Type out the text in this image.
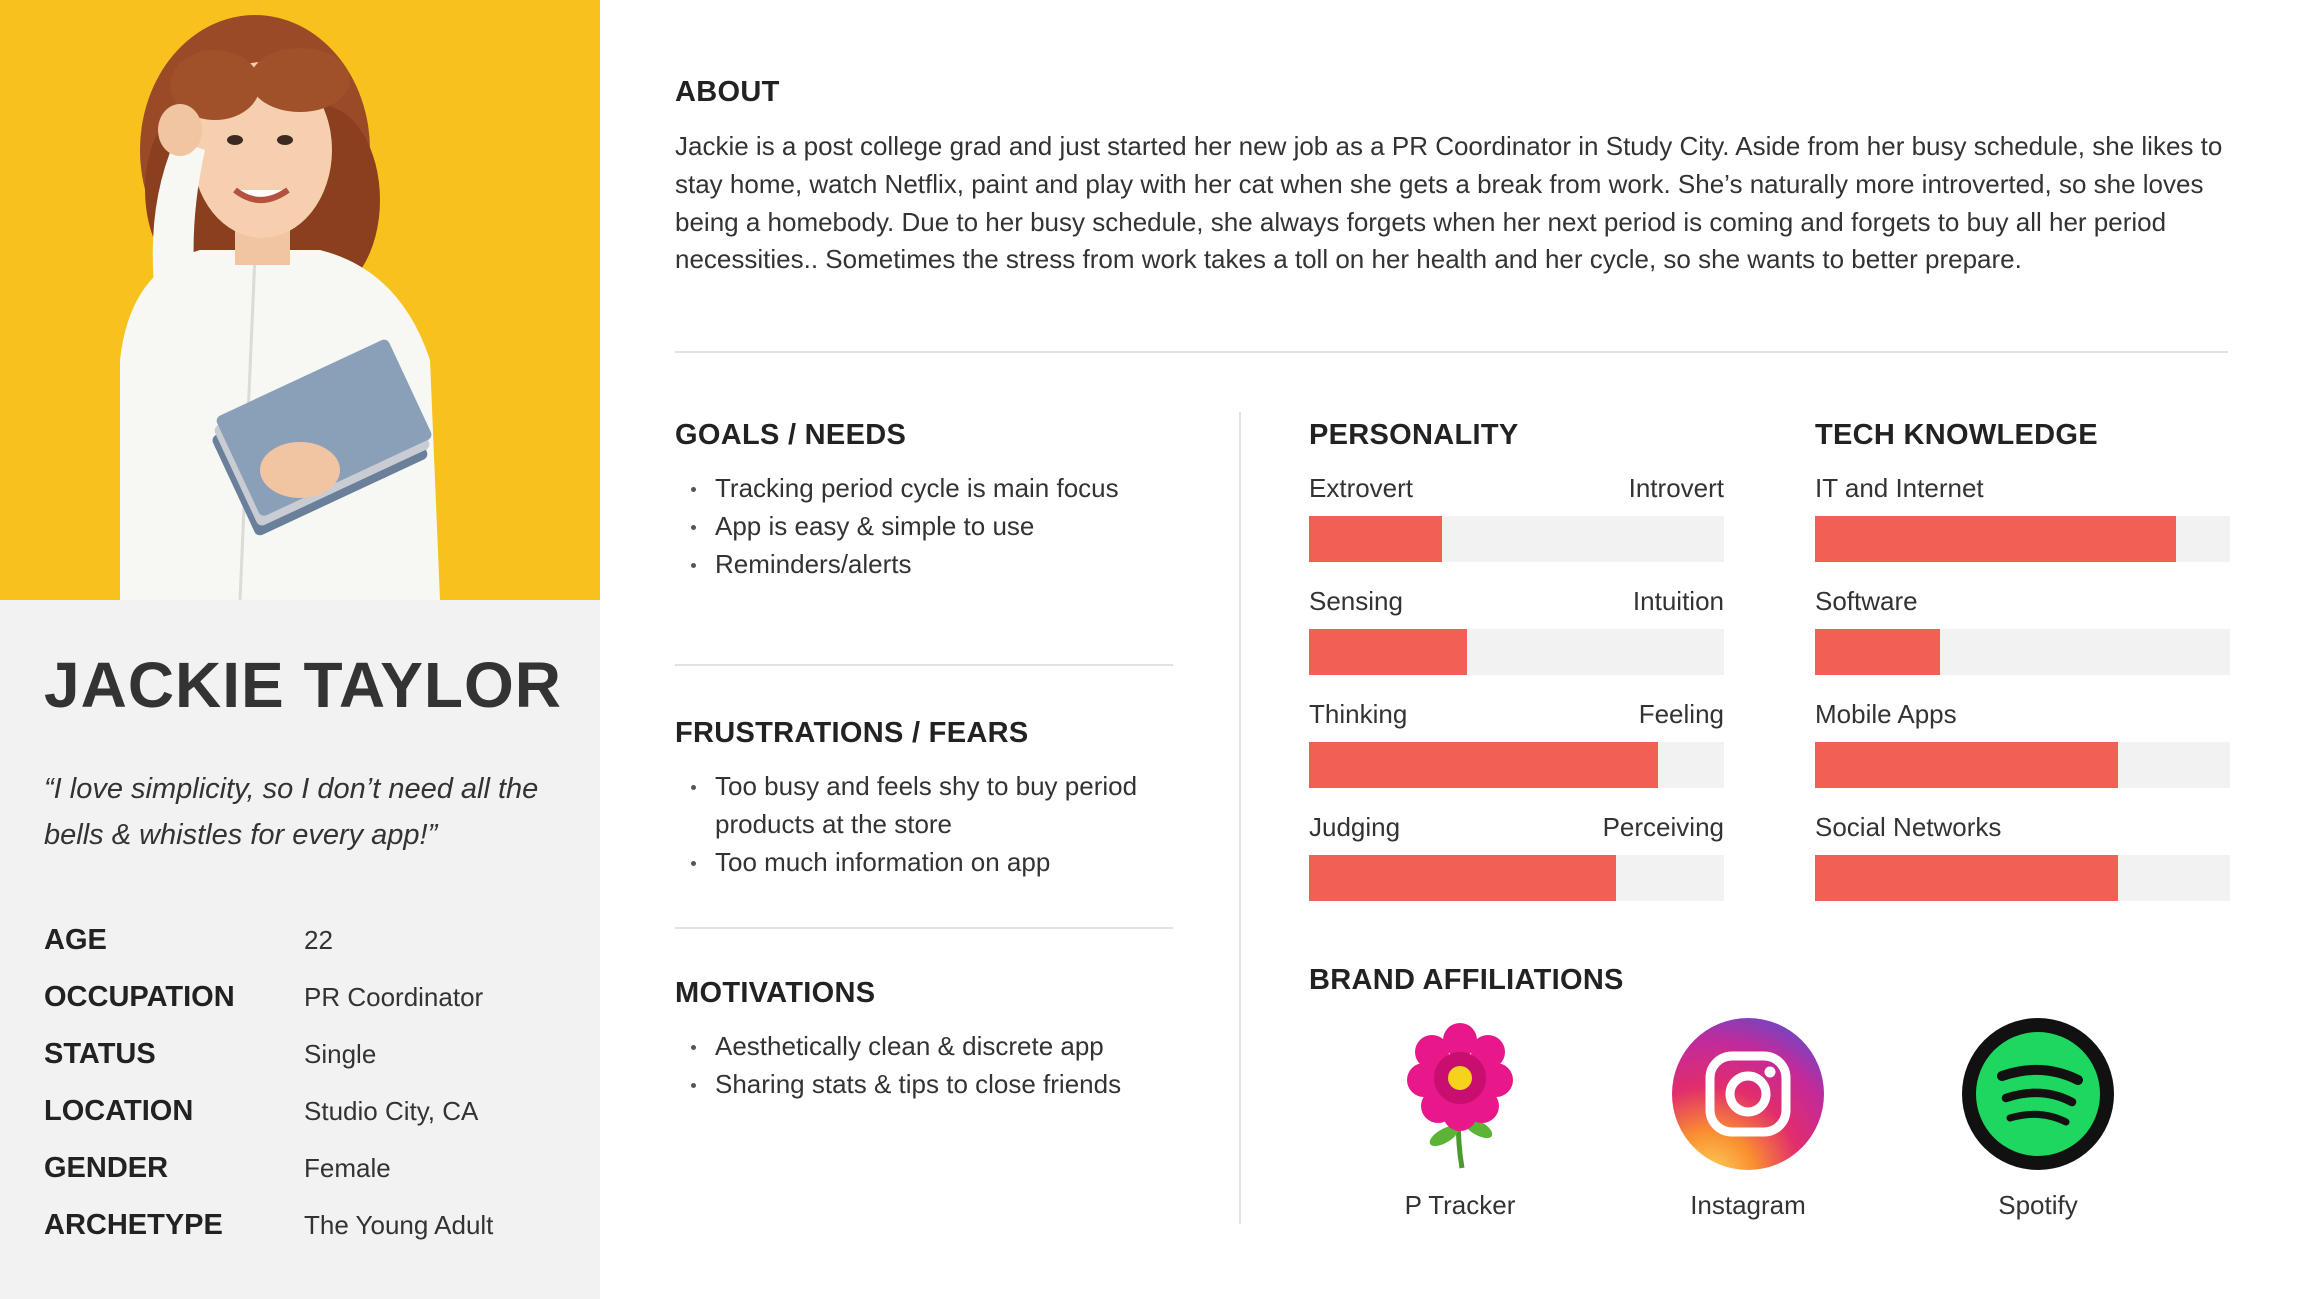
JACKIE TAYLOR
“I love simplicity, so I don’t need all the bells & whistles for every app!”
AGE	22
OCCUPATION	PR Coordinator
STATUS	Single
LOCATION	Studio City, CA
GENDER	Female
ARCHETYPE	The Young Adult
ABOUT
Jackie is a post college grad and just started her new job as a PR Coordinator in Study City. Aside from her busy schedule, she likes to stay home, watch Netflix, paint and play with her cat when she gets a break from work. She’s naturally more introverted, so she loves being a homebody. Due to her busy schedule, she always forgets when her next period is coming and forgets to buy all her period necessities.. Sometimes the stress from work takes a toll on her health and her cycle, so she wants to better prepare.
GOALS / NEEDS
Tracking period cycle is main focus
App is easy & simple to use
Reminders/alerts
FRUSTRATIONS / FEARS
Too busy and feels shy to buy period products at the store
Too much information on app
MOTIVATIONS
Aesthetically clean & discrete app
Sharing stats & tips to close friends
PERSONALITY
Extrovert	Introvert
Sensing	Intuition
Thinking	Feeling
Judging	Perceiving
TECH KNOWLEDGE
IT and Internet
Software
Mobile Apps
Social Networks
BRAND AFFILIATIONS
P Tracker	Instagram	Spotify
